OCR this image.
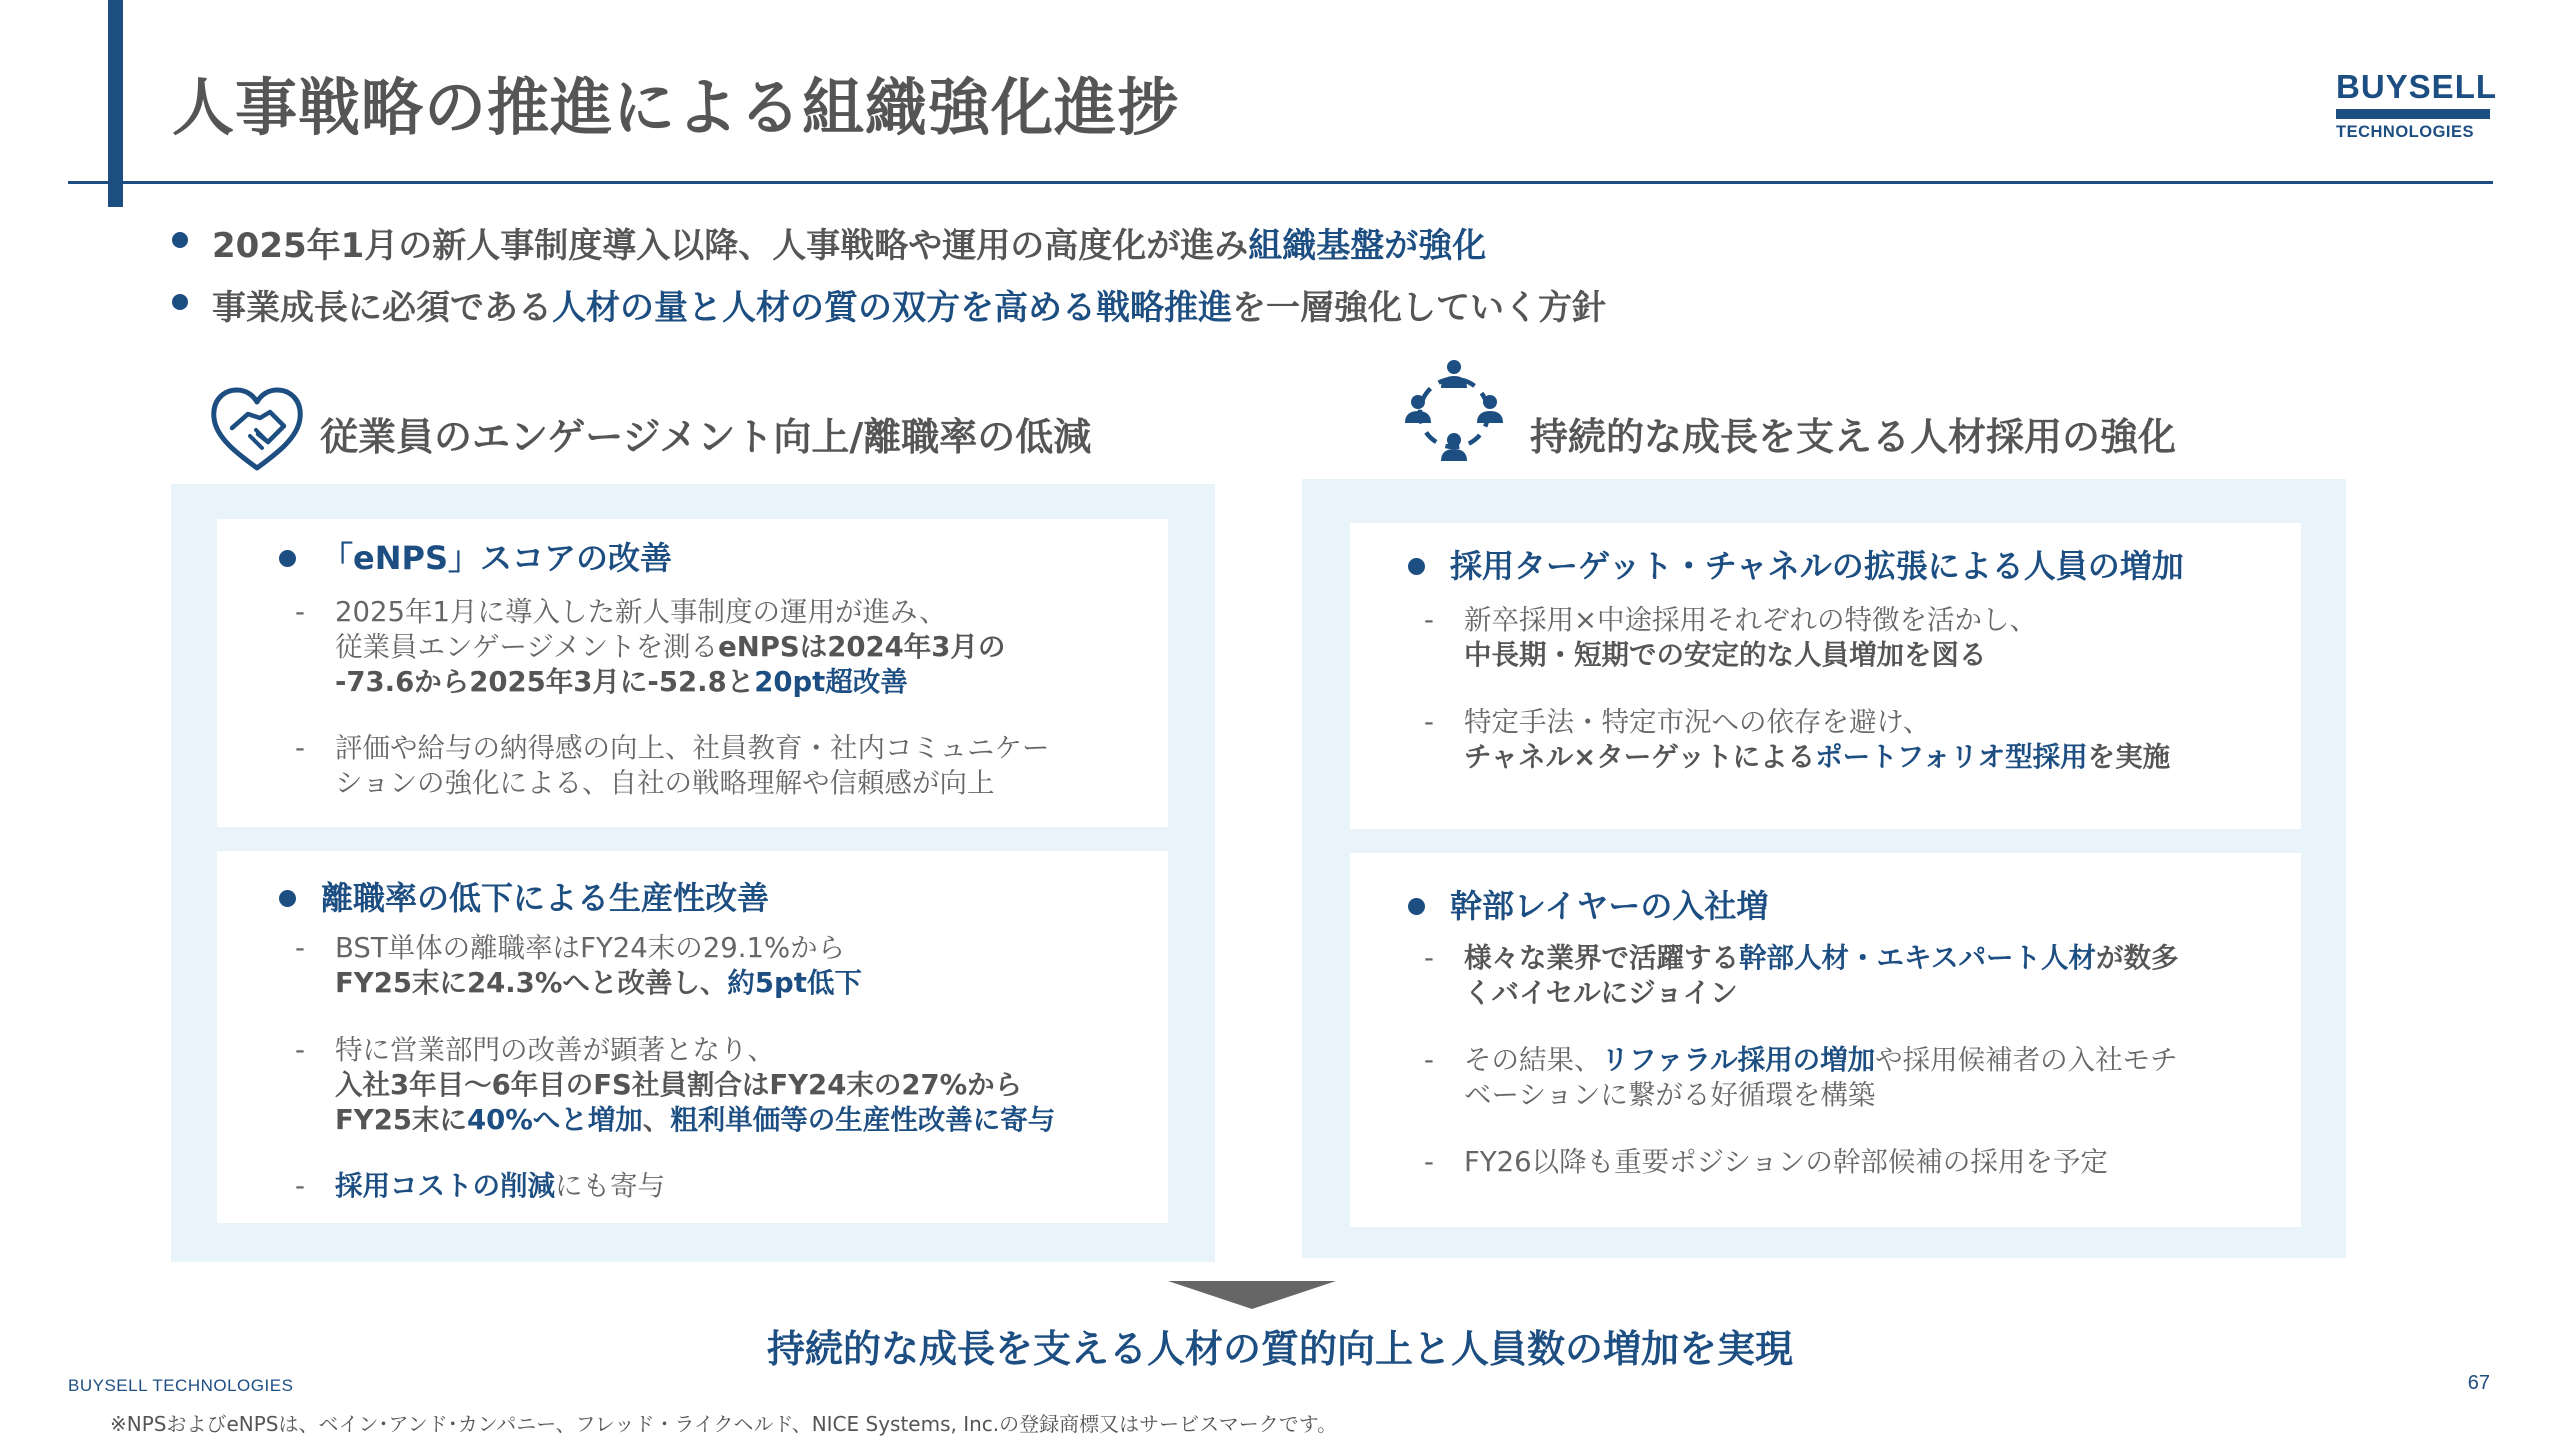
人事戦略の推進による組織強化進捗	BUYSELL
TECHNOLOGIES
2025年1月の新人事制度導入以降、人事戦略や運用の高度化が進み組織基盤が強化
事業成長に必須である人材の量と人材の質の双方を高める戦略推進を一層強化していく方針
従業員のエンゲージメント向上/離職率の低減	持続的な成長を支える人材採用の強化
「eNPS」スコアの改善
- 2025年1月に導入した新人事制度の運用が進み、
従業員エンゲージメントを測るeNPSは2024年3月の
-73.6から2025年3月に-52.8と20pt超改善
- 評価や給与の納得感の向上、社員教育・社内コミュニケー
ションの強化による、自社の戦略理解や信頼感が向上
離職率の低下による生産性改善
- BST単体の離職率はFY24末の29.1%から
FY25末に24.3%へと改善し、約5pt低下
- 特に営業部門の改善が顕著となり、
入社3年目～6年目のFS社員割合はFY24末の27%から
FY25末に40%へと増加、粗利単価等の生産性改善に寄与
- 採用コストの削減にも寄与
採用ターゲット・チャネルの拡張による人員の増加
- 新卒採用×中途採用それぞれの特徴を活かし、
中長期・短期での安定的な人員増加を図る
- 特定手法・特定市況への依存を避け、
チャネル×ターゲットによるポートフォリオ型採用を実施
幹部レイヤーの入社増
- 様々な業界で活躍する幹部人材・エキスパート人材が数多
くバイセルにジョイン
- その結果、リファラル採用の増加や採用候補者の入社モチ
ベーションに繋がる好循環を構築
- FY26以降も重要ポジションの幹部候補の採用を予定
持続的な成長を支える人材の質的向上と人員数の増加を実現
BUYSELL TECHNOLOGIES	67
※NPSおよびeNPSは、ベイン･アンド･カンパニー、フレッド・ライクヘルド、NICE Systems, Inc.の登録商標又はサービスマークです。
